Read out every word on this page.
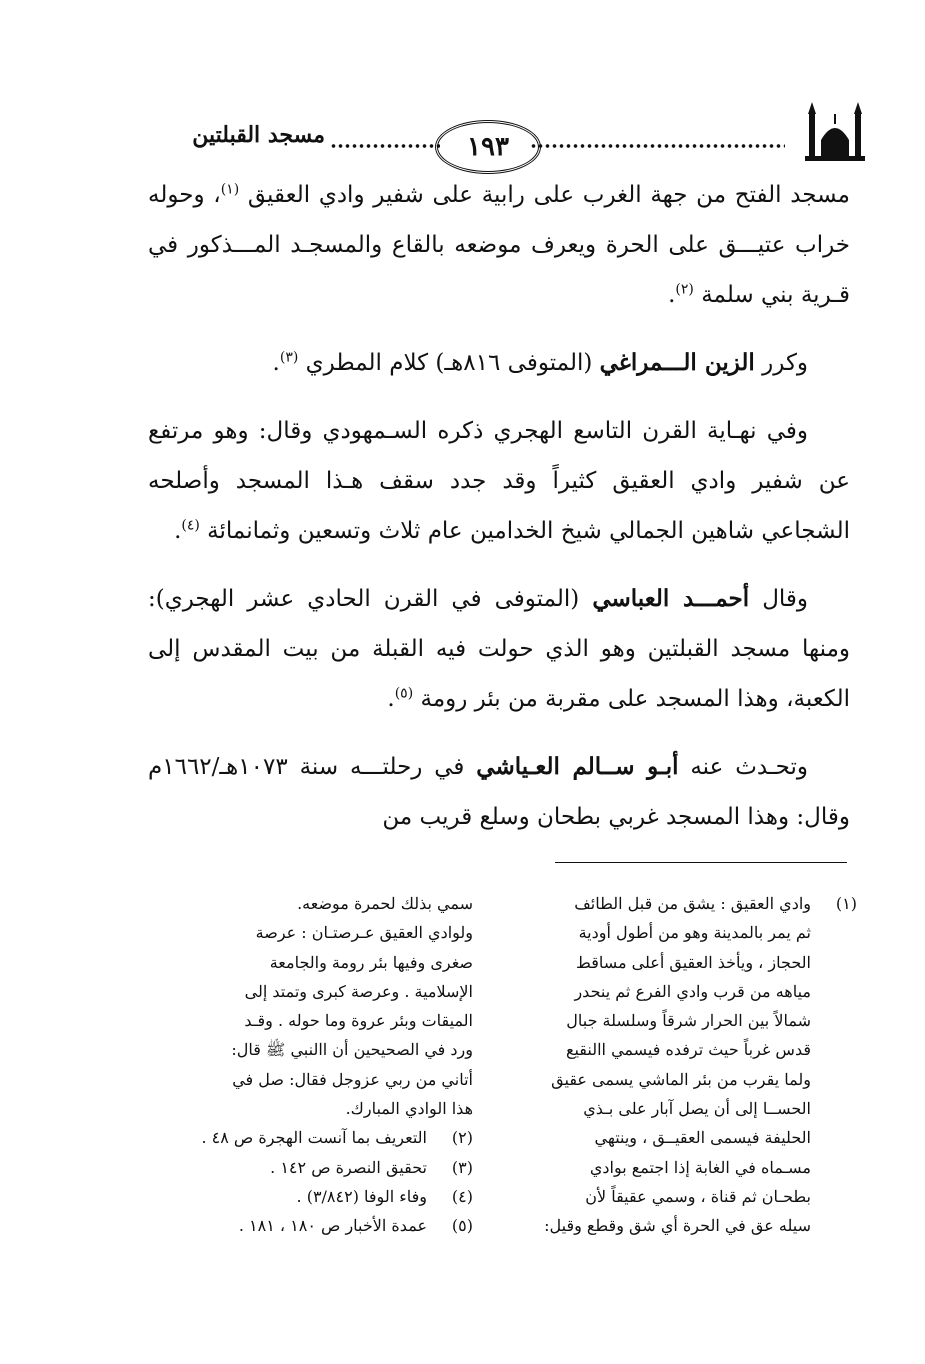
١٩٣
مسجد القبلتين

مسجد الفتح من جهة الغرب على رابية على شفير وادي العقيق $^{(١)}$، وحوله خراب عتيـــق على الحرة ويعرف موضعه بالقاع والمسجـد المـــذكور في قـرية بني سلمة $^{(٢)}$.

وكرر الزين الـــمراغي (المتوفى ٨١٦هـ) كلام المطري $^{(٣)}$.

وفي نهـاية القرن التاسع الهجري ذكره السـمهودي وقال: وهو مرتفع عن شفير وادي العقيق كثيراً وقد جدد سقف هـذا المسجد وأصلحه الشجاعي شاهين الجمالي شيخ الخدامين عام ثلاث وتسعين وثمانمائة $^{(٤)}$.

وقال أحمـــد العباسي (المتوفى في القرن الحادي عشر الهجري): ومنها مسجد القبلتين وهو الذي حولت فيه القبلة من بيت المقدس إلى الكعبة، وهذا المسجد على مقربة من بئر رومة $^{(٥)}$.

وتحـدث عنه أبـو ســالم العـياشي في رحلتـــه سنة ١٠٧٣هـ/١٦٦٢م وقال: وهذا المسجد غربي بطحان وسلع قريب من

(١)
وادي العقيق : يشق من قبل الطائف
ثم يمر بالمدينة وهو من أطول أودية
الحجاز ، ويأخذ العقيق أعلى مساقط
مياهه من قرب وادي الفرع ثم ينحدر
شمالاً بين الحرار شرقاً وسلسلة جبال
قدس غرباً حيث ترفده فيسمي االنقيع
ولما يقرب من بئر الماشي يسمى عقيق
الحســا إلى أن يصل آبار على بـذي
الحليفة فيسمى العقيــق ، وينتهي
مسـماه في الغابة إذا اجتمع بوادي
بطحـان ثم قناة ، وسمي عقيقاً لأن
سيله عق في الحرة أي شق وقطع وقيل:
سمي بذلك لحمرة موضعه.
ولوادي العقيق عـرصتـان : عرصة
صغرى وفيها بئر رومة والجامعة
الإسلامية . وعرصة كبرى وتمتد إلى
الميقات وبئر عروة وما حوله . وقـد
ورد في الصحيحين أن االنبي ﷺ قال:
أتاني من ربي عزوجل فقال: صل في
هذا الوادي المبارك.
(٢)
التعريف بما آنست الهجرة ص ٤٨ .
(٣)
تحقيق النصرة ص ١٤٢ .
(٤)
وفاء الوفا (٣/٨٤٢) .
(٥)
عمدة الأخبار ص ١٨٠ ، ١٨١ .
